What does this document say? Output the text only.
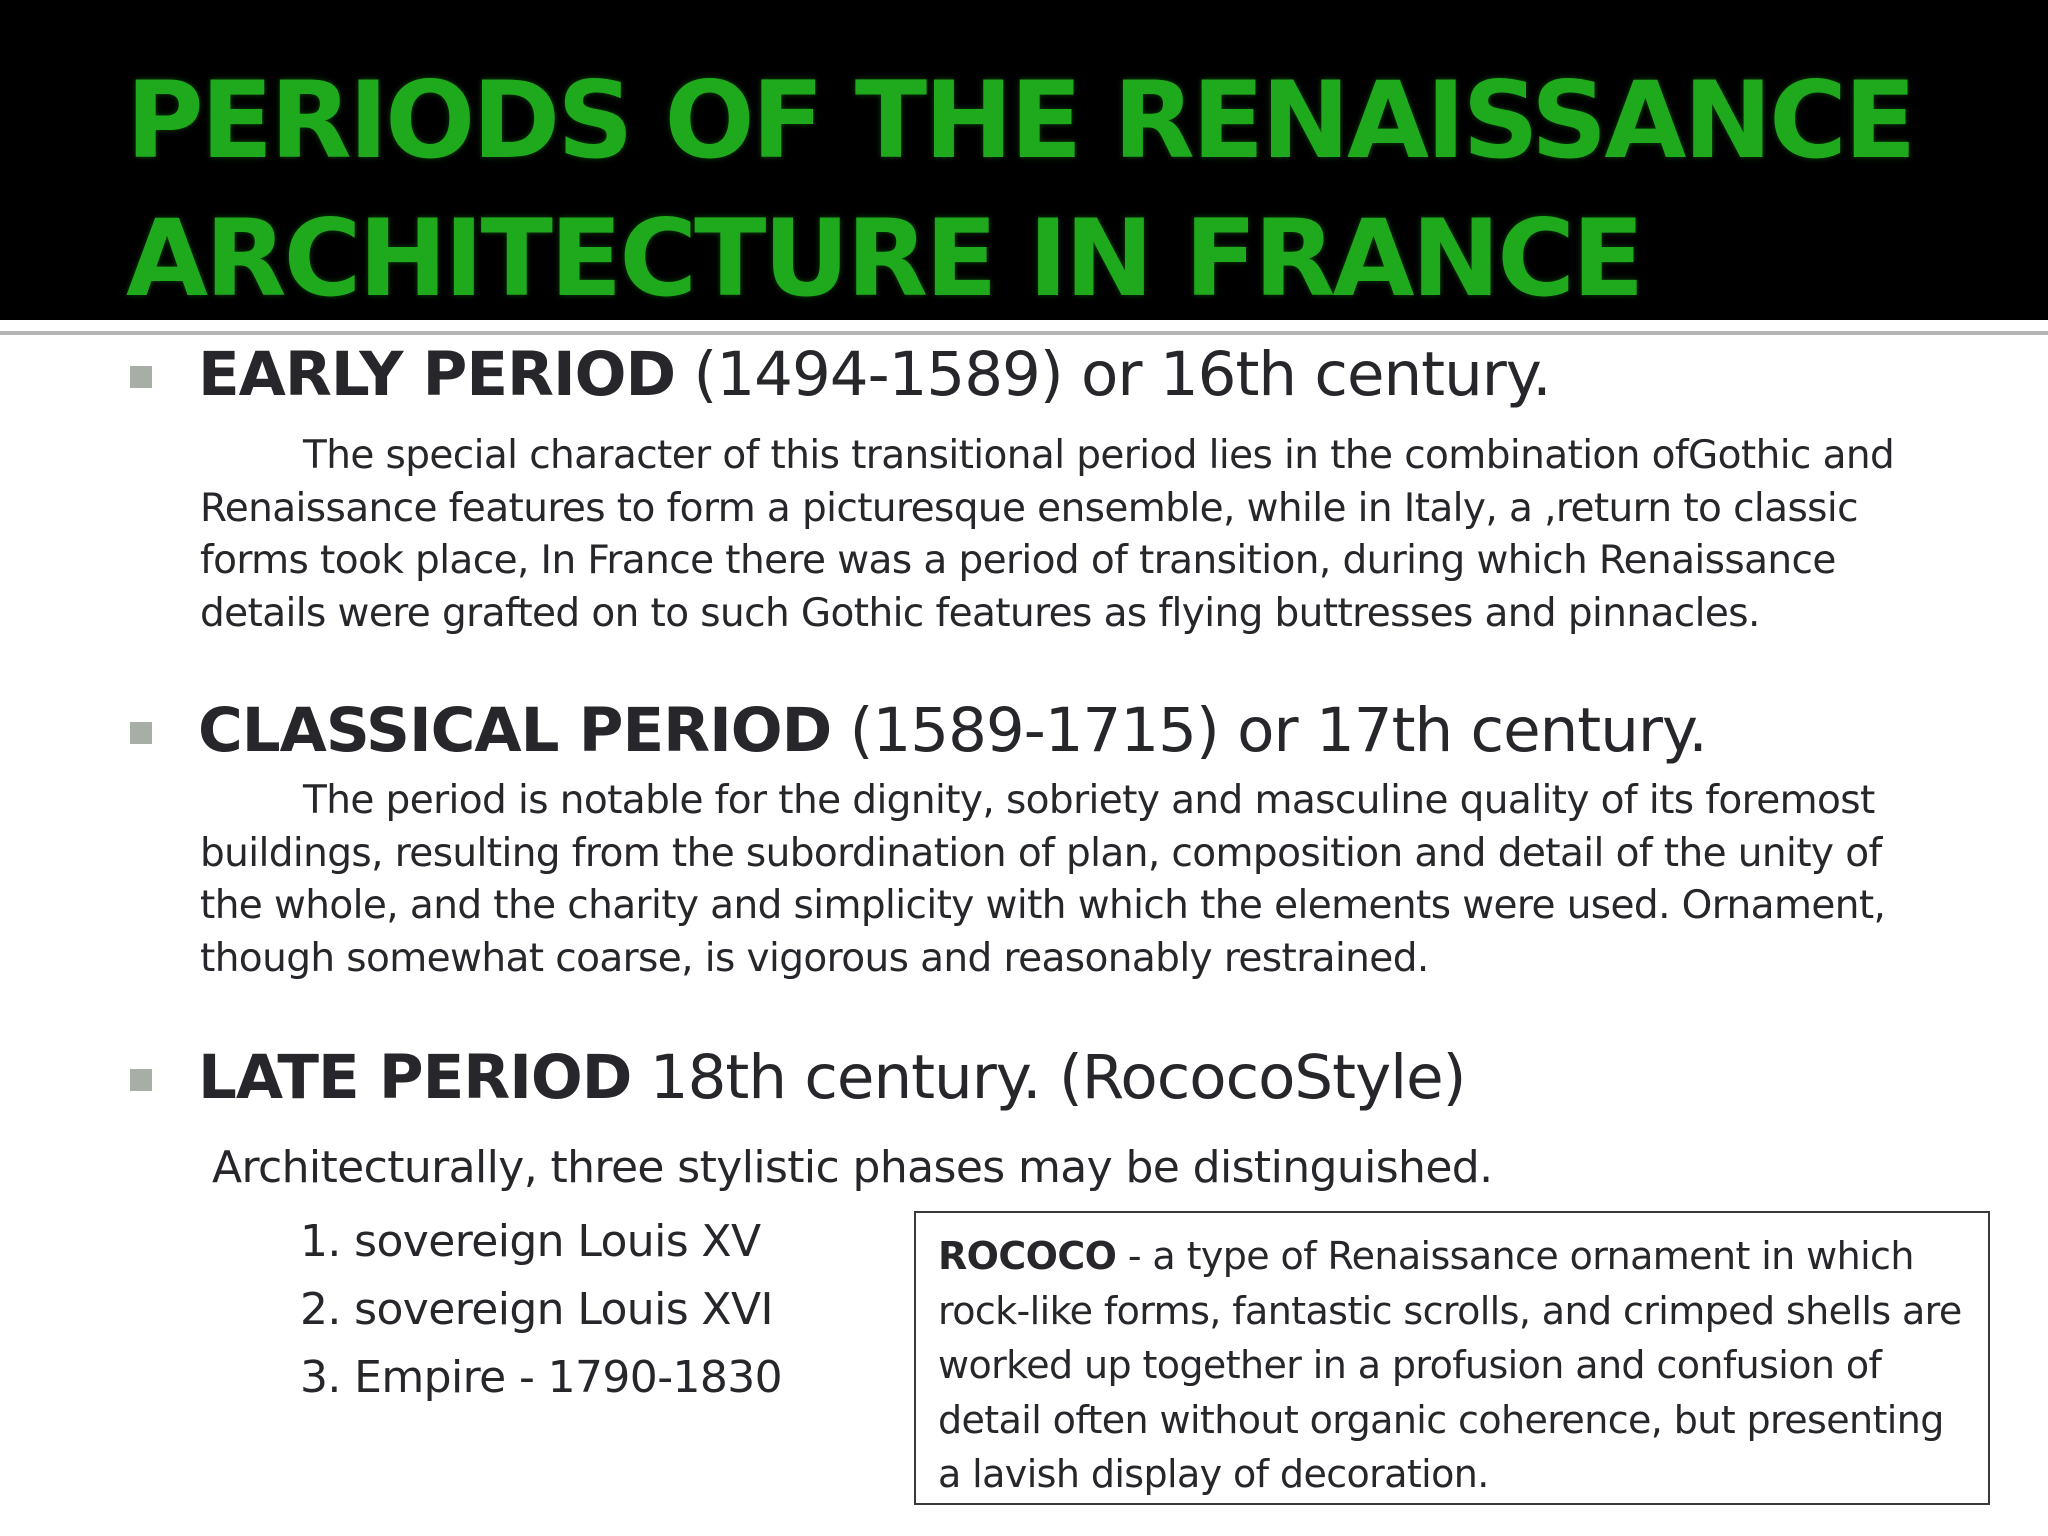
PERIODS OF THE RENAISSANCE
ARCHITECTURE IN FRANCE
EARLY PERIOD (1494-1589) or 16th century.

The special character of this transitional period lies in the combination ofGothic and Renaissance features to form a picturesque ensemble, while in Italy, a ,return to classic forms took place, In France there was a period of transition, during which Renaissance details were grafted on to such Gothic features as flying buttresses and pinnacles.

CLASSICAL PERIOD (1589-1715) or 17th century.

The period is notable for the dignity, sobriety and masculine quality of its foremost buildings, resulting from the subordination of plan, composition and detail of the unity of the whole, and the charity and simplicity with which the elements were used. Ornament, though somewhat coarse, is vigorous and reasonably restrained.

LATE PERIOD 18th century. (RococoStyle)

Architecturally, three stylistic phases may be distinguished.

1. sovereign Louis XV
2. sovereign Louis XVI
3. Empire - 1790-1830
ROCOCO - a type of Renaissance ornament in which rock-like forms, fantastic scrolls, and crimped shells are worked up together in a profusion and confusion of detail often without organic coherence, but presenting a lavish display of decoration.
